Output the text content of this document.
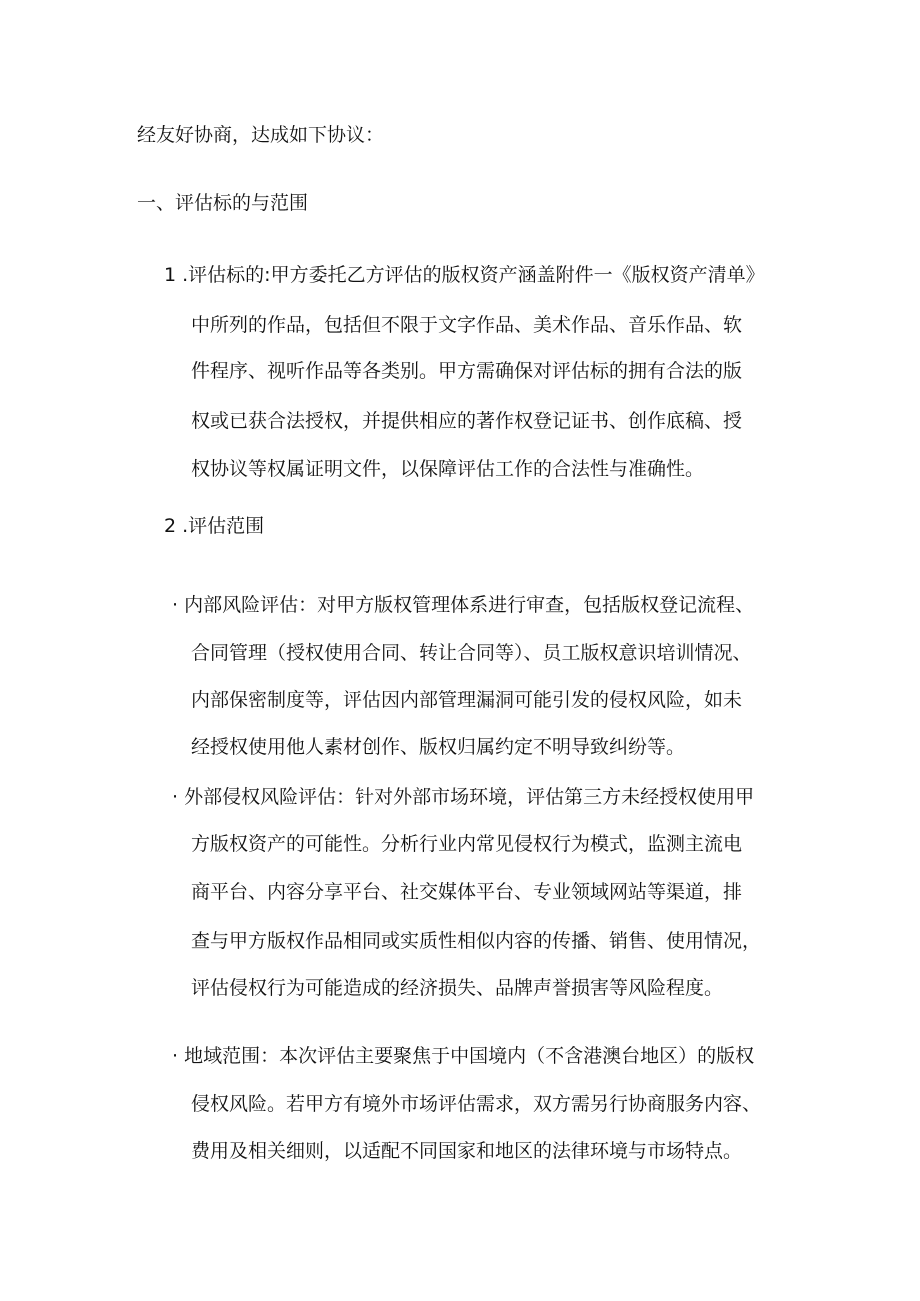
经友好协商，达成如下协议：
一、评估标的与范围
1 .评估标的:甲方委托乙方评估的版权资产涵盖附件一《版权资产清单》
中所列的作品，包括但不限于文字作品、美术作品、音乐作品、软
件程序、视听作品等各类别。甲方需确保对评估标的拥有合法的版
权或已获合法授权，并提供相应的著作权登记证书、创作底稿、授
权协议等权属证明文件，以保障评估工作的合法性与准确性。
2 .评估范围
· 内部风险评估：对甲方版权管理体系进行审查，包括版权登记流程、
合同管理（授权使用合同、转让合同等）、员工版权意识培训情况、
内部保密制度等，评估因内部管理漏洞可能引发的侵权风险，如未
经授权使用他人素材创作、版权归属约定不明导致纠纷等。
· 外部侵权风险评估：针对外部市场环境，评估第三方未经授权使用甲
方版权资产的可能性。分析行业内常见侵权行为模式，监测主流电
商平台、内容分享平台、社交媒体平台、专业领域网站等渠道，排
查与甲方版权作品相同或实质性相似内容的传播、销售、使用情况，
评估侵权行为可能造成的经济损失、品牌声誉损害等风险程度。
· 地域范围：本次评估主要聚焦于中国境内（不含港澳台地区）的版权
侵权风险。若甲方有境外市场评估需求，双方需另行协商服务内容、
费用及相关细则，以适配不同国家和地区的法律环境与市场特点。
